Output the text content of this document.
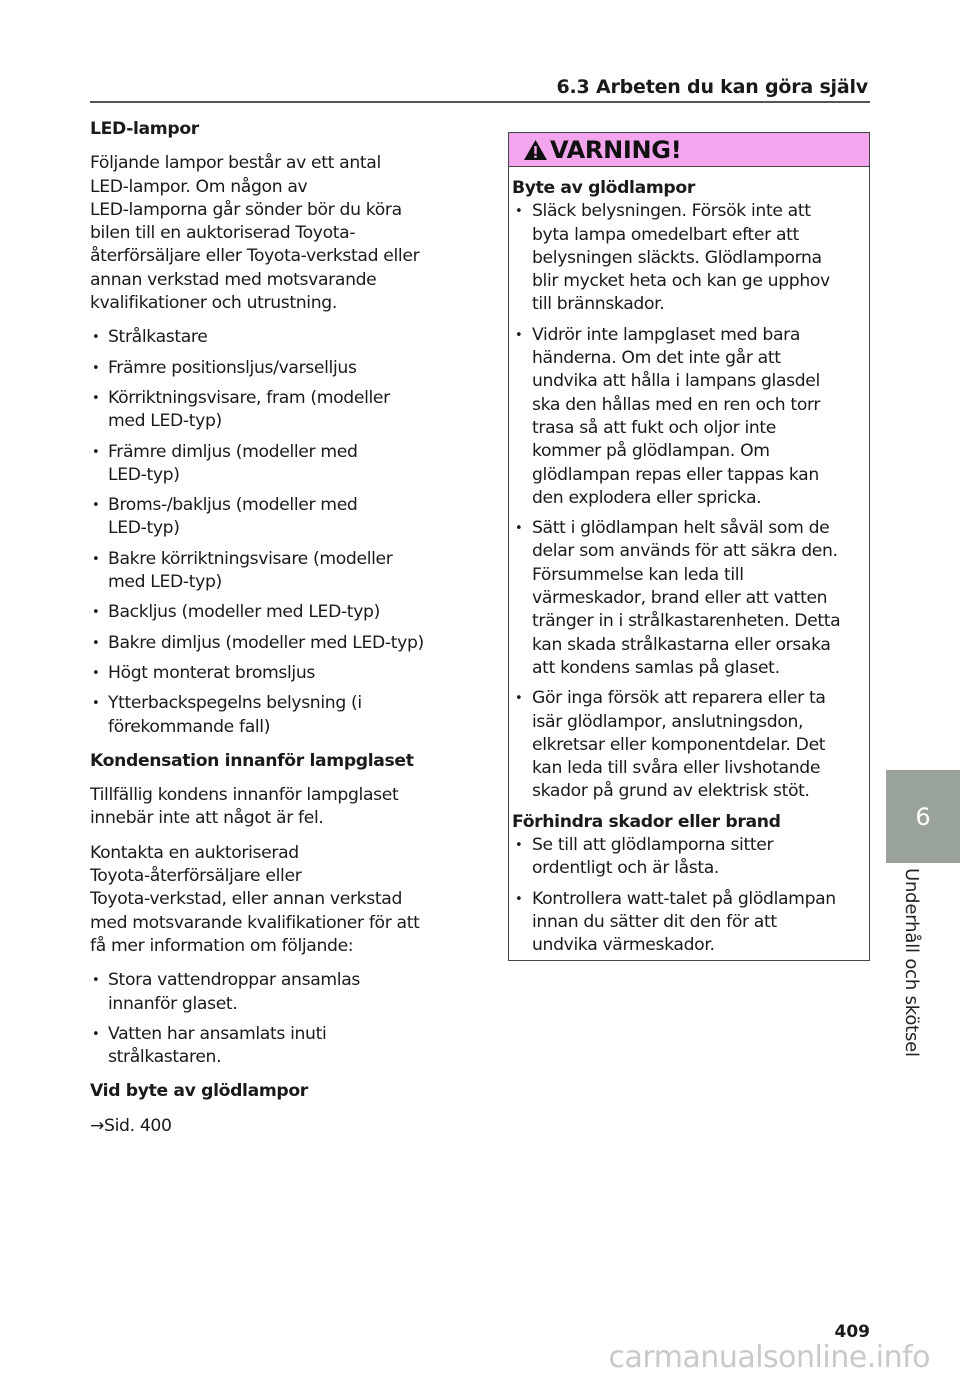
6.3 Arbeten du kan göra själv
LED-lampor
Följande lampor består av ett antal
LED-lampor. Om någon av
LED-lamporna går sönder bör du köra
bilen till en auktoriserad Toyota-
återförsäljare eller Toyota-verkstad eller
annan verkstad med motsvarande
kvalifikationer och utrustning.
• Strålkastare
• Främre positionsljus/varselljus
• Körriktningsvisare, fram (modeller
med LED-typ)
• Främre dimljus (modeller med
LED-typ)
• Broms-/bakljus (modeller med
LED-typ)
• Bakre körriktningsvisare (modeller
med LED-typ)
• Backljus (modeller med LED-typ)
• Bakre dimljus (modeller med LED-typ)
• Högt monterat bromsljus
• Ytterbackspegelns belysning (i
förekommande fall)
Kondensation innanför lampglaset
Tillfällig kondens innanför lampglaset
innebär inte att något är fel.
Kontakta en auktoriserad
Toyota-återförsäljare eller
Toyota-verkstad, eller annan verkstad
med motsvarande kvalifikationer för att
få mer information om följande:
• Stora vattendroppar ansamlas
innanför glaset.
• Vatten har ansamlats inuti
strålkastaren.
Vid byte av glödlampor
→Sid. 400
VARNING!
Byte av glödlampor
• Släck belysningen. Försök inte att
byta lampa omedelbart efter att
belysningen släckts. Glödlamporna
blir mycket heta och kan ge upphov
till brännskador.
• Vidrör inte lampglaset med bara
händerna. Om det inte går att
undvika att hålla i lampans glasdel
ska den hållas med en ren och torr
trasa så att fukt och oljor inte
kommer på glödlampan. Om
glödlampan repas eller tappas kan
den explodera eller spricka.
• Sätt i glödlampan helt såväl som de
delar som används för att säkra den.
Försummelse kan leda till
värmeskador, brand eller att vatten
tränger in i strålkastarenheten. Detta
kan skada strålkastarna eller orsaka
att kondens samlas på glaset.
• Gör inga försök att reparera eller ta
isär glödlampor, anslutningsdon,
elkretsar eller komponentdelar. Det
kan leda till svåra eller livshotande
skador på grund av elektrisk stöt.
Förhindra skador eller brand
• Se till att glödlamporna sitter
ordentligt och är låsta.
• Kontrollera watt-talet på glödlampan
innan du sätter dit den för att
undvika värmeskador.
6
Underhåll och skötsel
409
carmanualsonline.info
